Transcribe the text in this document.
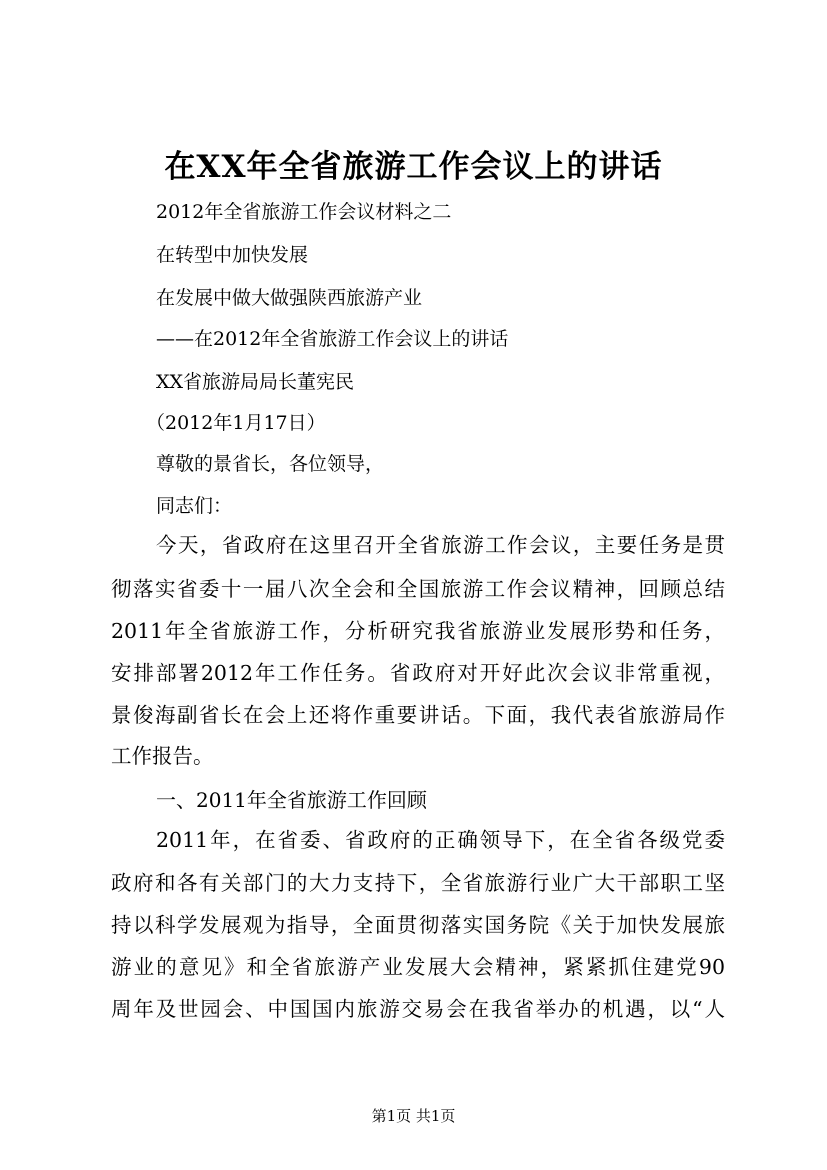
在XX年全省旅游工作会议上的讲话
2012年全省旅游工作会议材料之二
在转型中加快发展
在发展中做大做强陕西旅游产业
——在2012年全省旅游工作会议上的讲话
XX省旅游局局长董宪民
（2012年1月17日）
尊敬的景省长，各位领导，
同志们：
今天，省政府在这里召开全省旅游工作会议，主要任务是贯
彻落实省委十一届八次全会和全国旅游工作会议精神，回顾总结
2011年全省旅游工作，分析研究我省旅游业发展形势和任务，
安排部署2012年工作任务。省政府对开好此次会议非常重视，
景俊海副省长在会上还将作重要讲话。下面，我代表省旅游局作
工作报告。
一、2011年全省旅游工作回顾
2011年，在省委、省政府的正确领导下，在全省各级党委
政府和各有关部门的大力支持下，全省旅游行业广大干部职工坚
持以科学发展观为指导，全面贯彻落实国务院《关于加快发展旅
游业的意见》和全省旅游产业发展大会精神，紧紧抓住建党90
周年及世园会、中国国内旅游交易会在我省举办的机遇，以“人
第1页 共1页
